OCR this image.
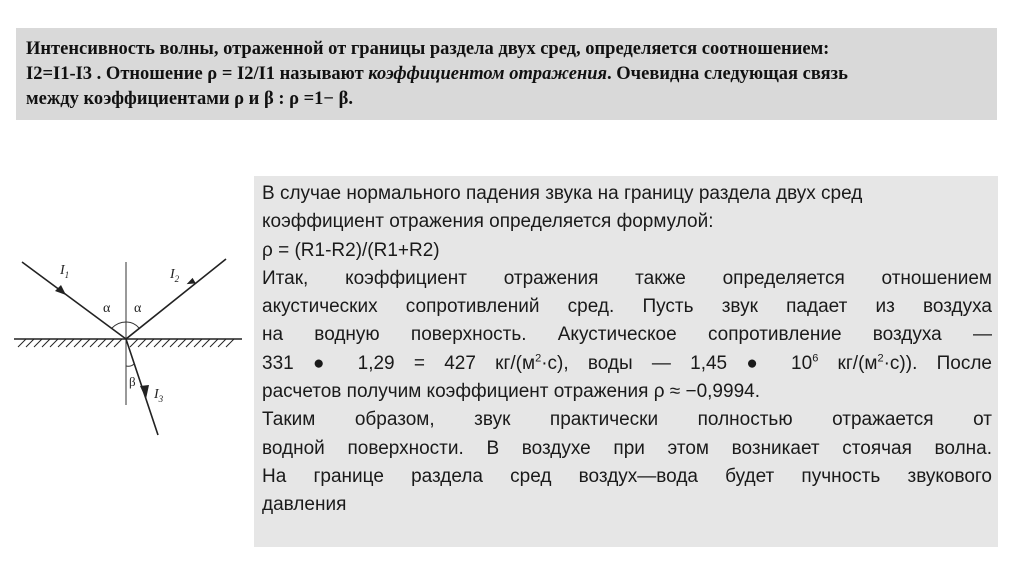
Интенсивность волны, отраженной от границы раздела двух сред, определяется соотношением:
I2=I1-I3 . Отношение ρ = I2/I1 называют коэффициентом отражения. Очевидна следующая связь
между коэффициентами ρ и β : ρ =1− β.
$I_1$	$I_2$
$I_3$
α α
β
В случае нормального падения звука на границу раздела двух сред
коэффициент отражения определяется формулой:
ρ = (R1-R2)/(R1+R2)
Итак, коэффициент отражения также определяется отношением
акустических сопротивлений сред. Пусть звук падает из воздуха
на водную поверхность. Акустическое сопротивление воздуха —
331 ● 1,29 = 427 $кг/(м^2\cdot с)$, воды — 1,45 ● $10^6$ $кг/(м^2\cdot с)$). После
расчетов получим коэффициент отражения ρ ≈ −0,9994.
Таким образом, звук практически полностью отражается от
водной поверхности. В воздухе при этом возникает стоячая волна.
На границе раздела сред воздух—вода будет пучность звукового
давления
